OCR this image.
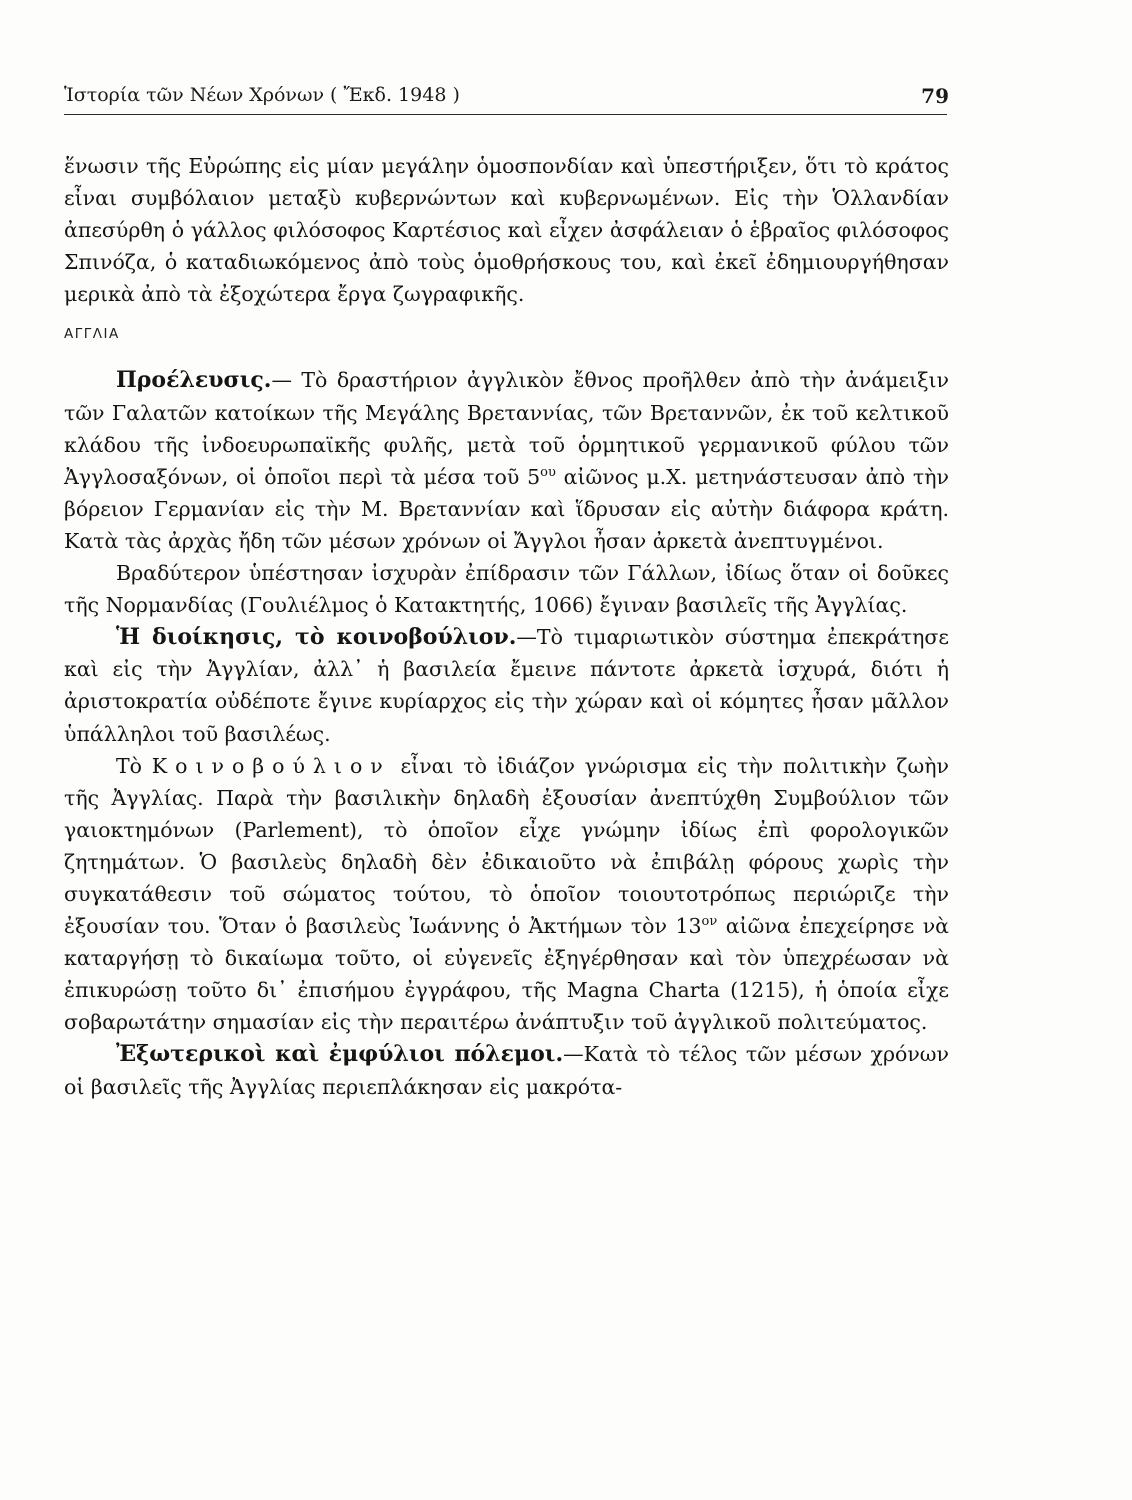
Ἱστορία τῶν Νέων Χρόνων ( Ἔκδ. 1948 )	79

ἕνωσιν τῆς Εὐρώπης εἰς μίαν μεγάλην ὁμοσπονδίαν καὶ ὑπεστήριξεν, ὅτι τὸ κράτος εἶναι συμβόλαιον μεταξὺ κυβερνώντων καὶ κυβερνωμένων. Εἰς τὴν Ὁλλανδίαν ἀπεσύρθη ὁ γάλλος φιλόσοφος Καρτέσιος καὶ εἶχεν ἀσφάλειαν ὁ ἑβραῖος φιλόσοφος Σπινόζα, ὁ καταδιωκόμενος ἀπὸ τοὺς ὁμοθρήσκους του, καὶ ἐκεῖ ἐδημιουργήθησαν μερικὰ ἀπὸ τὰ ἐξοχώτερα ἔργα ζωγραφικῆς.

ΑΓΓΛΙΑ

Προέλευσις.— Τὸ δραστήριον ἀγγλικὸν ἔθνος προῆλθεν ἀπὸ τὴν ἀνάμειξιν τῶν Γαλατῶν κατοίκων τῆς Μεγάλης Βρεταννίας, τῶν Βρεταννῶν, ἐκ τοῦ κελτικοῦ κλάδου τῆς ἰνδοευρωπαϊκῆς φυλῆς, μετὰ τοῦ ὁρμητικοῦ γερμανικοῦ φύλου τῶν Ἀγγλοσαξόνων, οἱ ὁποῖοι περὶ τὰ μέσα τοῦ $5^{o\upsilon}$ αἰῶνος μ.Χ. μετηνάστευσαν ἀπὸ τὴν βόρειον Γερμανίαν εἰς τὴν Μ. Βρεταννίαν καὶ ἵδρυσαν εἰς αὐτὴν διάφορα κράτη. Κατὰ τὰς ἀρχὰς ἤδη τῶν μέσων χρόνων οἱ Ἄγγλοι ἦσαν ἀρκετὰ ἀνεπτυγμένοι.

Βραδύτερον ὑπέστησαν ἰσχυρὰν ἐπίδρασιν τῶν Γάλλων, ἰδίως ὅταν οἱ δοῦκες τῆς Νορμανδίας (Γουλιέλμος ὁ Κατακτητής, 1066) ἔγιναν βασιλεῖς τῆς Ἀγγλίας.

Ἡ διοίκησις, τὸ κοινοβούλιον.—Τὸ τιμαριωτικὸν σύστημα ἐπεκράτησε καὶ εἰς τὴν Ἀγγλίαν, ἀλλ᾽ ἡ βασιλεία ἔμεινε πάντοτε ἀρκετὰ ἰσχυρά, διότι ἡ ἀριστοκρατία οὐδέποτε ἔγινε κυρίαρχος εἰς τὴν χώραν καὶ οἱ κόμητες ἦσαν μᾶλλον ὑπάλληλοι τοῦ βασιλέως.

Τὸ Κοινοβούλιον εἶναι τὸ ἰδιάζον γνώρισμα εἰς τὴν πολιτικὴν ζωὴν τῆς Ἀγγλίας. Παρὰ τὴν βασιλικὴν δηλαδὴ ἐξουσίαν ἀνεπτύχθη Συμβούλιον τῶν γαιοκτημόνων (Parlement), τὸ ὁποῖον εἶχε γνώμην ἰδίως ἐπὶ φορολογικῶν ζητημάτων. Ὁ βασιλεὺς δηλαδὴ δὲν ἐδικαιοῦτο νὰ ἐπιβάλῃ φόρους χωρὶς τὴν συγκατάθεσιν τοῦ σώματος τούτου, τὸ ὁποῖον τοιουτοτρόπως περιώριζε τὴν ἐξουσίαν του. Ὅταν ὁ βασιλεὺς Ἰωάννης ὁ Ἀκτήμων τὸν $13^{o\nu}$ αἰῶνα ἐπεχείρησε νὰ καταργήσῃ τὸ δικαίωμα τοῦτο, οἱ εὐγενεῖς ἐξηγέρθησαν καὶ τὸν ὑπεχρέωσαν νὰ ἐπικυρώσῃ τοῦτο δι᾽ ἐπισήμου ἐγγράφου, τῆς Magna Charta (1215), ἡ ὁποία εἶχε σοβαρωτάτην σημασίαν εἰς τὴν περαιτέρω ἀνάπτυξιν τοῦ ἀγγλικοῦ πολιτεύματος.

Ἐξωτερικοὶ καὶ ἐμφύλιοι πόλεμοι.—Κατὰ τὸ τέλος τῶν μέσων χρόνων οἱ βασιλεῖς τῆς Ἀγγλίας περιεπλάκησαν εἰς μακρότα-
